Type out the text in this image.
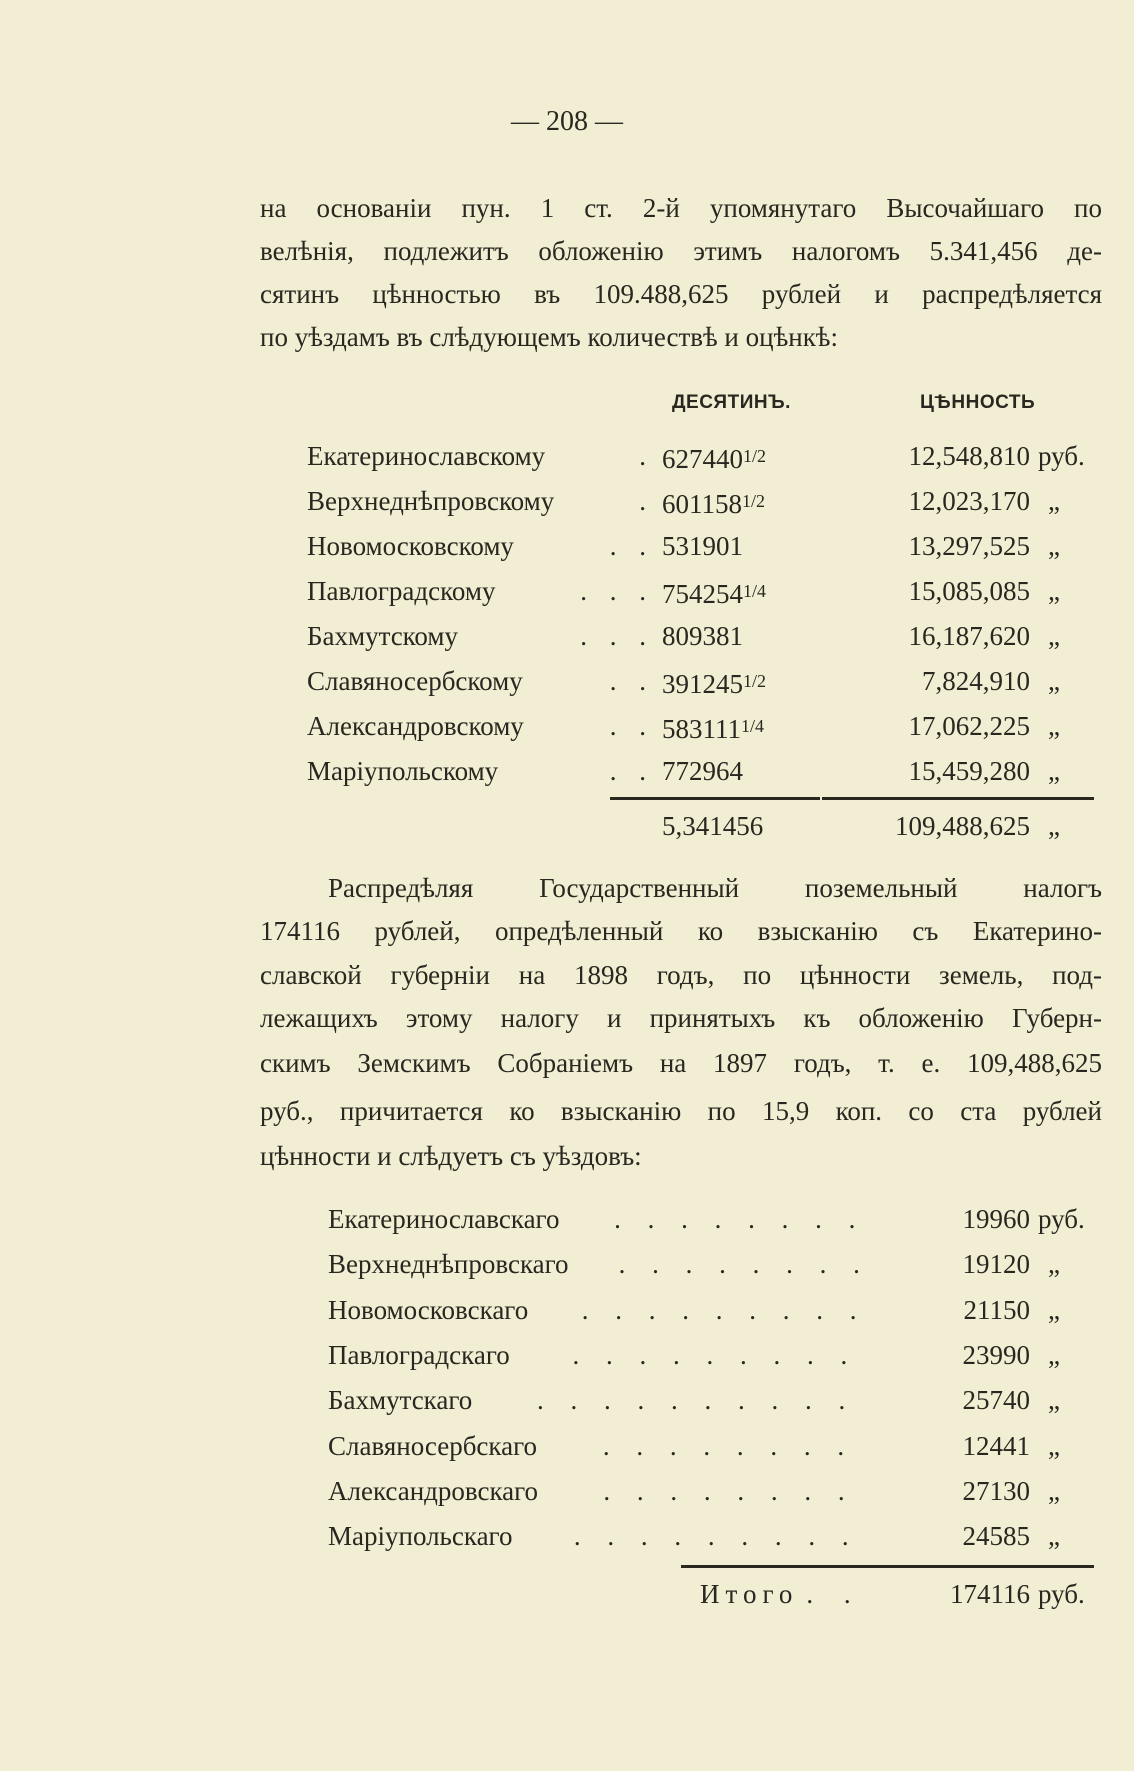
— 208 —
на основаніи пун. 1 ст. 2-й упомянутаго Высочайшаго по
велѣнія, подлежитъ обложенію этимъ налогомъ 5.341,456 де-
сятинъ цѣнностью въ 109.488,625 рублей и распредѣляется
по уѣздамъ въ слѣдующемъ количествѣ и оцѣнкѣ:
ДЕСЯТИНЪ.	ЦѢННОСТЬ
Екатеринославскому	. $627440^{1/2}$	12,548,810 руб.
Верхнеднѣпровскому	. $601158^{1/2}$	12,023,170 „
Новомосковскому	. . 531901	13,297,525 „
Павлоградскому	. . . $754254^{1/4}$	15,085,085 „
Бахмутскому	. . . 809381	16,187,620 „
Славяносербскому	. . $391245^{1/2}$	7,824,910 „
Александровскому	. . $583111^{1/4}$	17,062,225 „
Маріупольскому	. . 772964	15,459,280 „
5,341456	109,488,625 „
Распредѣляя Государственный поземельный налогъ
174116 рублей, опредѣленный ко взысканію съ Екатерино-
славской губерніи на 1898 годъ, по цѣнности земель, под-
лежащихъ этому налогу и принятыхъ къ обложенію Губерн-
скимъ Земскимъ Собраніемъ на 1897 годъ, т. е. 109,488,625
руб., причитается ко взысканію по 15,9 коп. со ста рублей
цѣнности и слѣдуетъ съ уѣздовъ:
Екатеринославскаго	. . . . . . . .	19960 руб.
Верхнеднѣпровскаго	. . . . . . . .	19120 „
Новомосковскаго	. . . . . . . . .	21150 „
Павлоградскаго	. . . . . . . . .	23990 „
Бахмутскаго	. . . . . . . . . .	25740 „
Славяносербскаго	. . . . . . . .	12441 „
Александровскаго	. . . . . . . .	27130 „
Маріупольскаго	. . . . . . . . .	24585 „
Итого . .	174116 руб.
